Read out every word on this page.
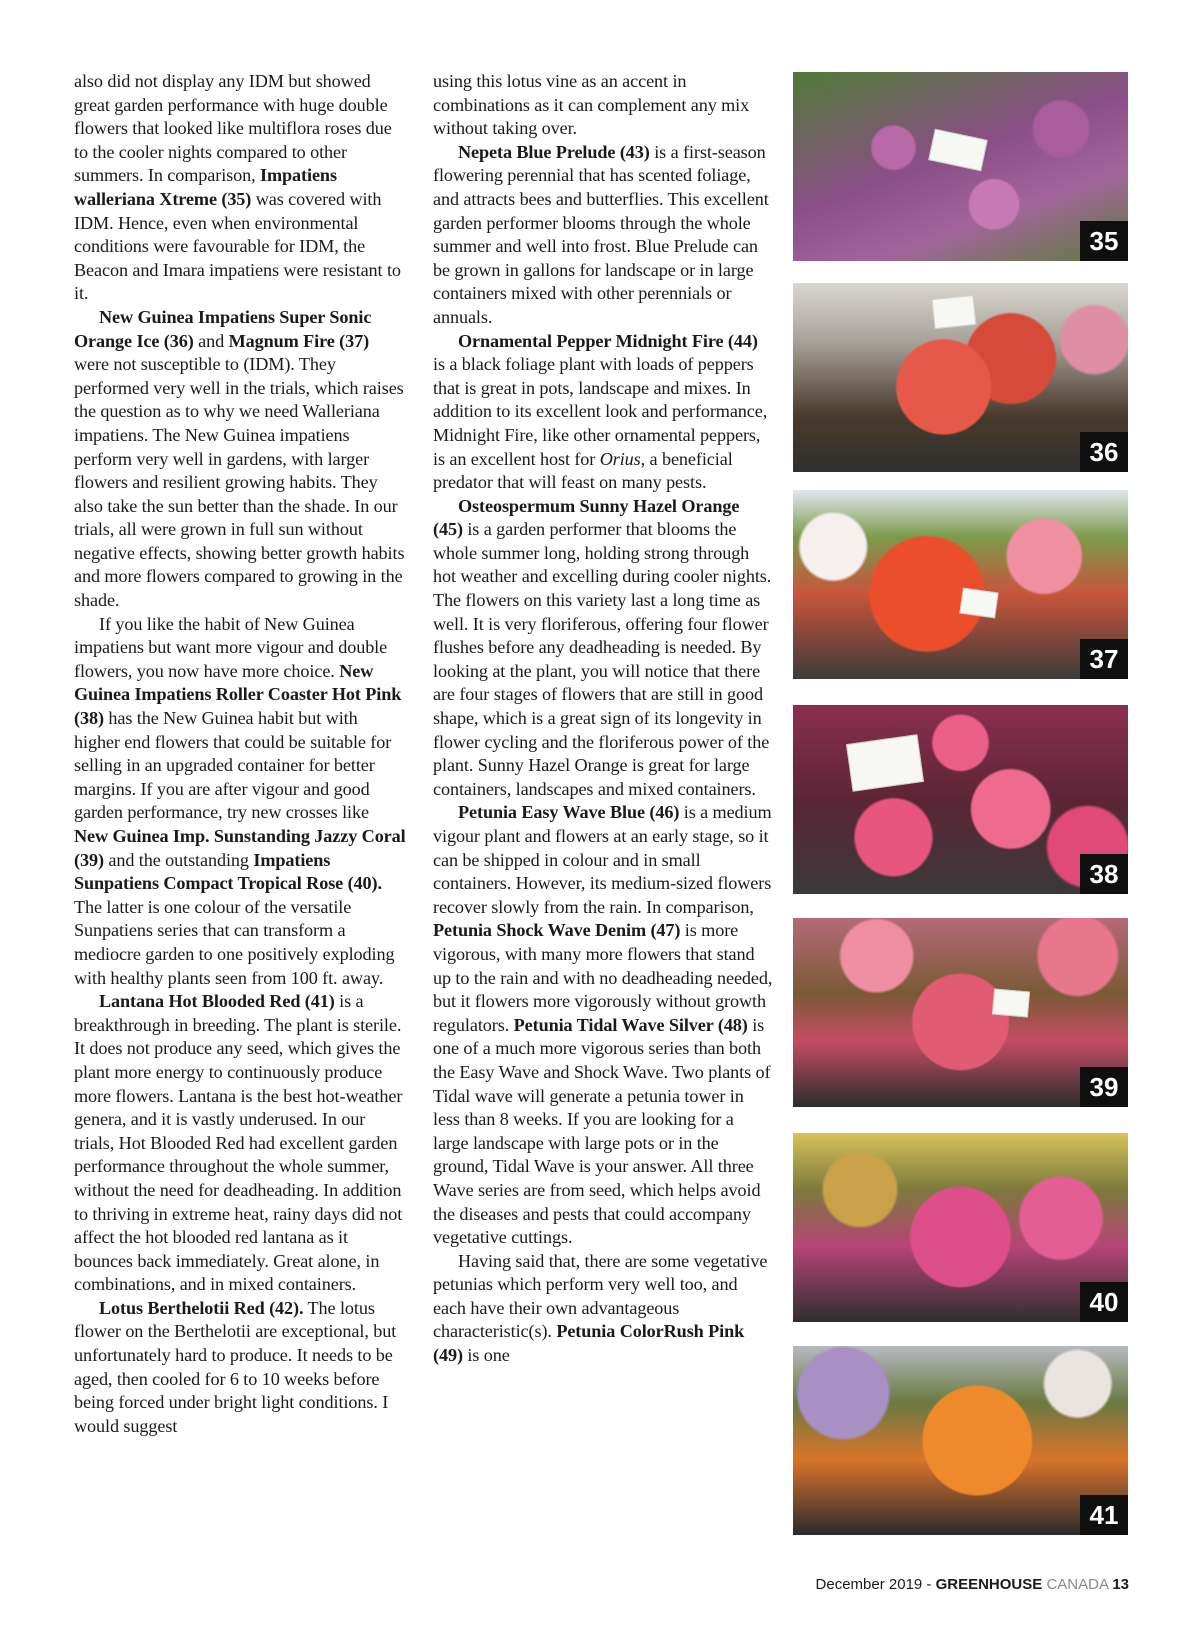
also did not display any IDM but showed great garden performance with huge double flowers that looked like multiflora roses due to the cooler nights compared to other summers. In comparison, Impatiens walleriana Xtreme (35) was covered with IDM. Hence, even when environmental conditions were favourable for IDM, the Beacon and Imara impatiens were resistant to it.

New Guinea Impatiens Super Sonic Orange Ice (36) and Magnum Fire (37) were not susceptible to (IDM). They performed very well in the trials, which raises the question as to why we need Walleriana impatiens. The New Guinea impatiens perform very well in gardens, with larger flowers and resilient growing habits. They also take the sun better than the shade. In our trials, all were grown in full sun without negative effects, showing better growth habits and more flowers compared to growing in the shade.

If you like the habit of New Guinea impatiens but want more vigour and double flowers, you now have more choice. New Guinea Impatiens Roller Coaster Hot Pink (38) has the New Guinea habit but with higher end flowers that could be suitable for selling in an upgraded container for better margins. If you are after vigour and good garden performance, try new crosses like New Guinea Imp. Sunstanding Jazzy Coral (39) and the outstanding Impatiens Sunpatiens Compact Tropical Rose (40). The latter is one colour of the versatile Sunpatiens series that can transform a mediocre garden to one positively exploding with healthy plants seen from 100 ft. away.

Lantana Hot Blooded Red (41) is a breakthrough in breeding. The plant is sterile. It does not produce any seed, which gives the plant more energy to continuously produce more flowers. Lantana is the best hot-weather genera, and it is vastly underused. In our trials, Hot Blooded Red had excellent garden performance throughout the whole summer, without the need for deadheading. In addition to thriving in extreme heat, rainy days did not affect the hot blooded red lantana as it bounces back immediately. Great alone, in combinations, and in mixed containers.

Lotus Berthelotii Red (42). The lotus flower on the Berthelotii are exceptional, but unfortunately hard to produce. It needs to be aged, then cooled for 6 to 10 weeks before being forced under bright light conditions. I would suggest

using this lotus vine as an accent in combinations as it can complement any mix without taking over.

Nepeta Blue Prelude (43) is a first-season flowering perennial that has scented foliage, and attracts bees and butterflies. This excellent garden performer blooms through the whole summer and well into frost. Blue Prelude can be grown in gallons for landscape or in large containers mixed with other perennials or annuals.

Ornamental Pepper Midnight Fire (44) is a black foliage plant with loads of peppers that is great in pots, landscape and mixes. In addition to its excellent look and performance, Midnight Fire, like other ornamental peppers, is an excellent host for Orius, a beneficial predator that will feast on many pests.

Osteospermum Sunny Hazel Orange (45) is a garden performer that blooms the whole summer long, holding strong through hot weather and excelling during cooler nights. The flowers on this variety last a long time as well. It is very floriferous, offering four flower flushes before any deadheading is needed. By looking at the plant, you will notice that there are four stages of flowers that are still in good shape, which is a great sign of its longevity in flower cycling and the floriferous power of the plant. Sunny Hazel Orange is great for large containers, landscapes and mixed containers.

Petunia Easy Wave Blue (46) is a medium vigour plant and flowers at an early stage, so it can be shipped in colour and in small containers. However, its medium-sized flowers recover slowly from the rain. In comparison, Petunia Shock Wave Denim (47) is more vigorous, with many more flowers that stand up to the rain and with no deadheading needed, but it flowers more vigorously without growth regulators. Petunia Tidal Wave Silver (48) is one of a much more vigorous series than both the Easy Wave and Shock Wave. Two plants of Tidal wave will generate a petunia tower in less than 8 weeks. If you are looking for a large landscape with large pots or in the ground, Tidal Wave is your answer. All three Wave series are from seed, which helps avoid the diseases and pests that could accompany vegetative cuttings.

Having said that, there are some vegetative petunias which perform very well too, and each have their own advantageous characteristic(s). Petunia ColorRush Pink (49) is one

35
36
37
38
39
40
41
December 2019 - GREENHOUSE CANADA 13
